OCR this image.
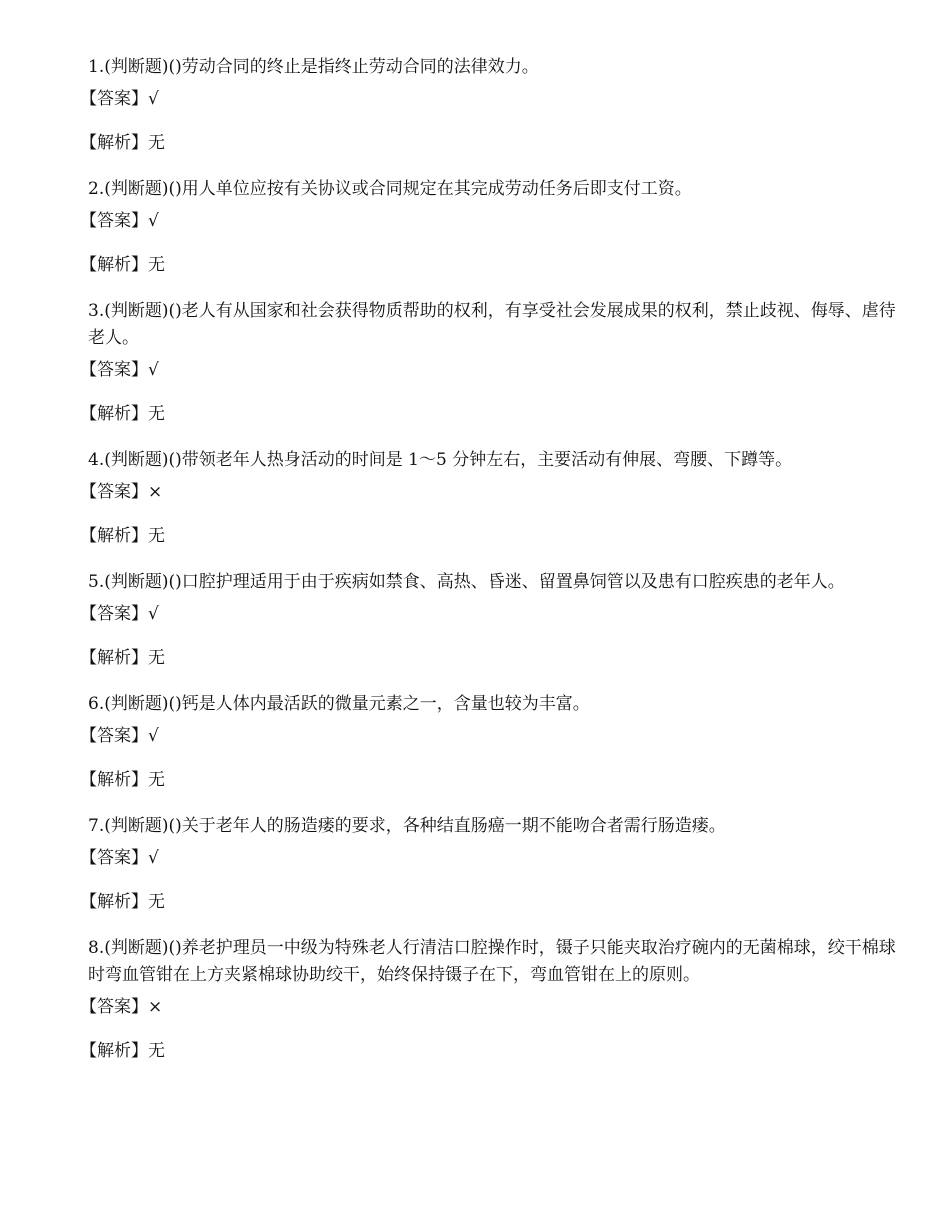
1.(判断题)()劳动合同的终止是指终止劳动合同的法律效力。

【答案】√
【解析】无

2.(判断题)()用人单位应按有关协议或合同规定在其完成劳动任务后即支付工资。

【答案】√
【解析】无

3.(判断题)()老人有从国家和社会获得物质帮助的权利，有享受社会发展成果的权利，禁止歧视、侮辱、虐待老人。

【答案】√
【解析】无

4.(判断题)()带领老年人热身活动的时间是 1～5 分钟左右，主要活动有伸展、弯腰、下蹲等。

【答案】×
【解析】无

5.(判断题)()口腔护理适用于由于疾病如禁食、高热、昏迷、留置鼻饲管以及患有口腔疾患的老年人。

【答案】√
【解析】无

6.(判断题)()钙是人体内最活跃的微量元素之一，含量也较为丰富。

【答案】√
【解析】无

7.(判断题)()关于老年人的肠造瘘的要求，各种结直肠癌一期不能吻合者需行肠造瘘。

【答案】√
【解析】无

8.(判断题)()养老护理员一中级为特殊老人行清洁口腔操作时，镊子只能夹取治疗碗内的无菌棉球，绞干棉球时弯血管钳在上方夹紧棉球协助绞干，始终保持镊子在下，弯血管钳在上的原则。

【答案】×
【解析】无
